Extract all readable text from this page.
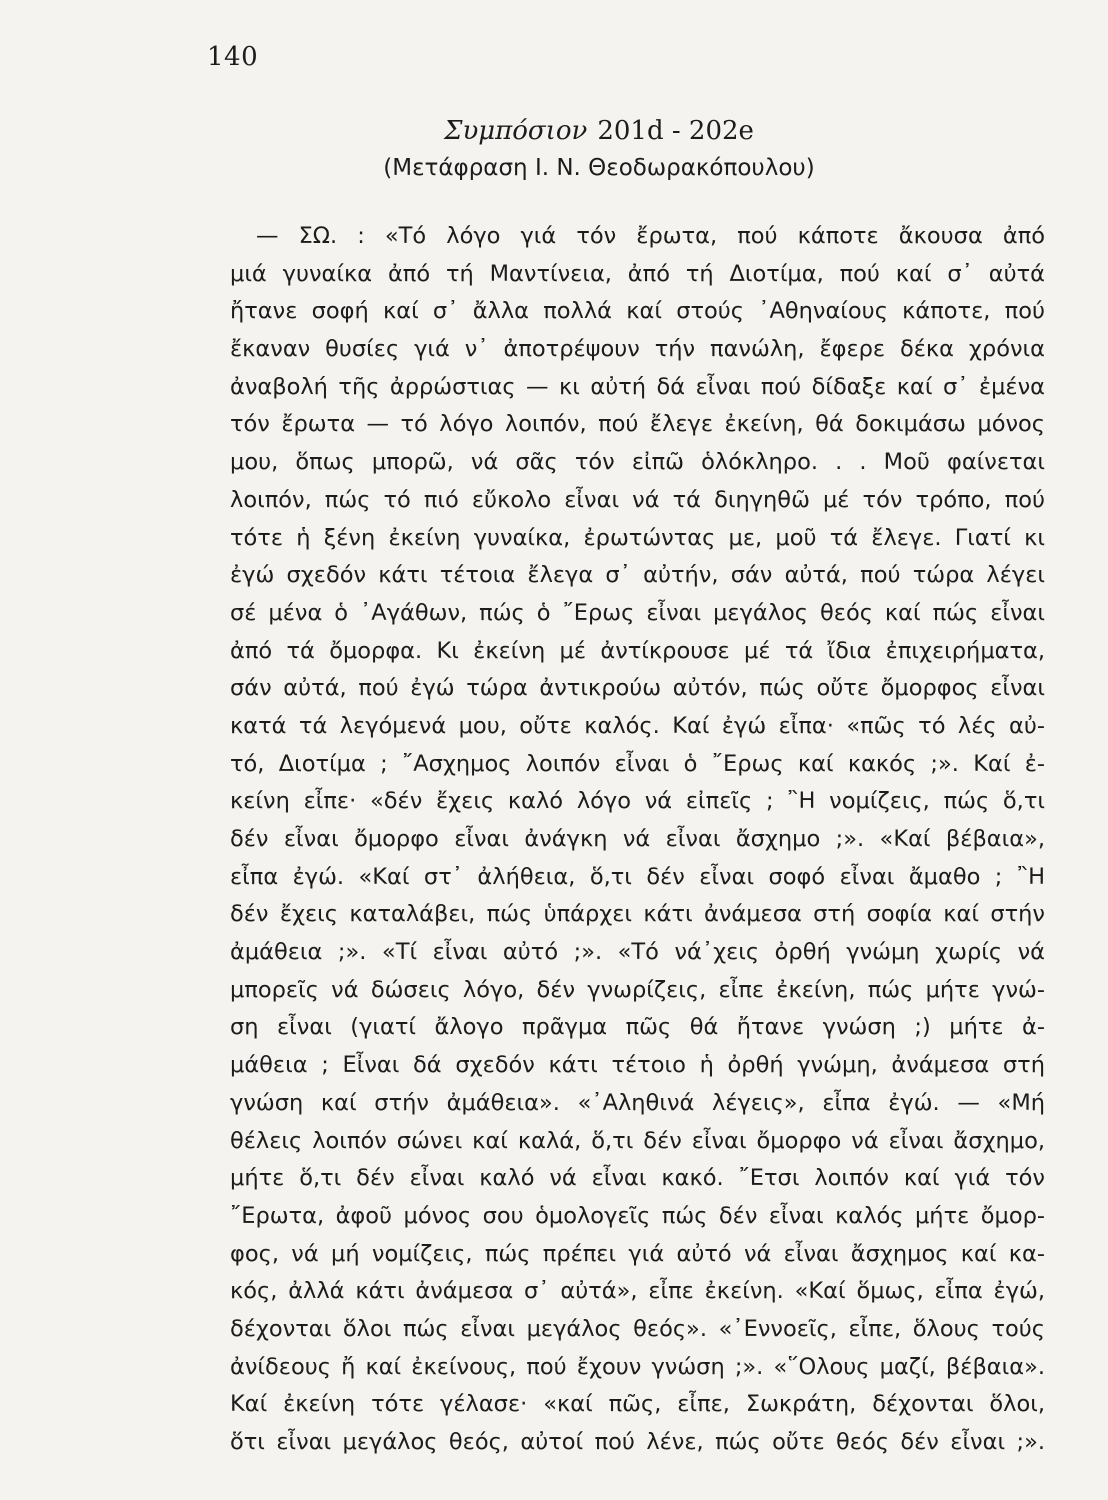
140
Συμπόσιον 201d - 202e
(Μετάφραση Ι. Ν. Θεοδωρακόπουλου)
— ΣΩ. : «Τό λόγο γιά τόν ἔρωτα, πού κάποτε ἄκουσα ἀπό
μιά γυναίκα ἀπό τή Μαντίνεια, ἀπό τή Διοτίμα, πού καί σ᾽ αὐτά
ἤτανε σοφή καί σ᾽ ἄλλα πολλά καί στούς ᾽Αθηναίους κάποτε, πού
ἔκαναν θυσίες γιά ν᾽ ἀποτρέψουν τήν πανώλη, ἔφερε δέκα χρόνια
ἀναβολή τῆς ἀρρώστιας — κι αὐτή δά εἶναι πού δίδαξε καί σ᾽ ἐμένα
τόν ἔρωτα — τό λόγο λοιπόν, πού ἔλεγε ἐκείνη, θά δοκιμάσω μόνος
μου, ὅπως μπορῶ, νά σᾶς τόν εἰπῶ ὁλόκληρο. . . Μοῦ φαίνεται
λοιπόν, πώς τό πιό εὔκολο εἶναι νά τά διηγηθῶ μέ τόν τρόπο, πού
τότε ἡ ξένη ἐκείνη γυναίκα, ἐρωτώντας με, μοῦ τά ἔλεγε. Γιατί κι
ἐγώ σχεδόν κάτι τέτοια ἔλεγα σ᾽ αὐτήν, σάν αὐτά, πού τώρα λέγει
σέ μένα ὁ ᾽Αγάθων, πώς ὁ ῎Ερως εἶναι μεγάλος θεός καί πώς εἶναι
ἀπό τά ὄμορφα. Κι ἐκείνη μέ ἀντίκρουσε μέ τά ἴδια ἐπιχειρήματα,
σάν αὐτά, πού ἐγώ τώρα ἀντικρούω αὐτόν, πώς οὔτε ὄμορφος εἶναι
κατά τά λεγόμενά μου, οὔτε καλός. Καί ἐγώ εἶπα· «πῶς τό λές αὐ-
τό, Διοτίμα ; ῎Ασχημος λοιπόν εἶναι ὁ ῎Ερως καί κακός ;». Καί ἐ-
κείνη εἶπε· «δέν ἔχεις καλό λόγο νά εἰπεῖς ; ῍Η νομίζεις, πώς ὅ,τι
δέν εἶναι ὄμορφο εἶναι ἀνάγκη νά εἶναι ἄσχημο ;». «Καί βέβαια»,
εἶπα ἐγώ. «Καί στ᾽ ἀλήθεια, ὅ,τι δέν εἶναι σοφό εἶναι ἄμαθο ; ῍Η
δέν ἔχεις καταλάβει, πώς ὑπάρχει κάτι ἀνάμεσα στή σοφία καί στήν
ἀμάθεια ;». «Τί εἶναι αὐτό ;». «Τό νά᾽χεις ὀρθή γνώμη χωρίς νά
μπορεῖς νά δώσεις λόγο, δέν γνωρίζεις, εἶπε ἐκείνη, πώς μήτε γνώ-
ση εἶναι (γιατί ἄλογο πρᾶγμα πῶς θά ἤτανε γνώση ;) μήτε ἀ-
μάθεια ; Εἶναι δά σχεδόν κάτι τέτοιο ἡ ὀρθή γνώμη, ἀνάμεσα στή
γνώση καί στήν ἀμάθεια». «᾽Αληθινά λέγεις», εἶπα ἐγώ. — «Μή
θέλεις λοιπόν σώνει καί καλά, ὅ,τι δέν εἶναι ὄμορφο νά εἶναι ἄσχημο,
μήτε ὅ,τι δέν εἶναι καλό νά εἶναι κακό. ῎Ετσι λοιπόν καί γιά τόν
῎Ερωτα, ἀφοῦ μόνος σου ὁμολογεῖς πώς δέν εἶναι καλός μήτε ὄμορ-
φος, νά μή νομίζεις, πώς πρέπει γιά αὐτό νά εἶναι ἄσχημος καί κα-
κός, ἀλλά κάτι ἀνάμεσα σ᾽ αὐτά», εἶπε ἐκείνη. «Καί ὅμως, εἶπα ἐγώ,
δέχονται ὅλοι πώς εἶναι μεγάλος θεός». «᾽Εννοεῖς, εἶπε, ὅλους τούς
ἀνίδεους ἤ καί ἐκείνους, πού ἔχουν γνώση ;». «῞Ολους μαζί, βέβαια».
Καί ἐκείνη τότε γέλασε· «καί πῶς, εἶπε, Σωκράτη, δέχονται ὅλοι,
ὅτι εἶναι μεγάλος θεός, αὐτοί πού λένε, πώς οὔτε θεός δέν εἶναι ;».
